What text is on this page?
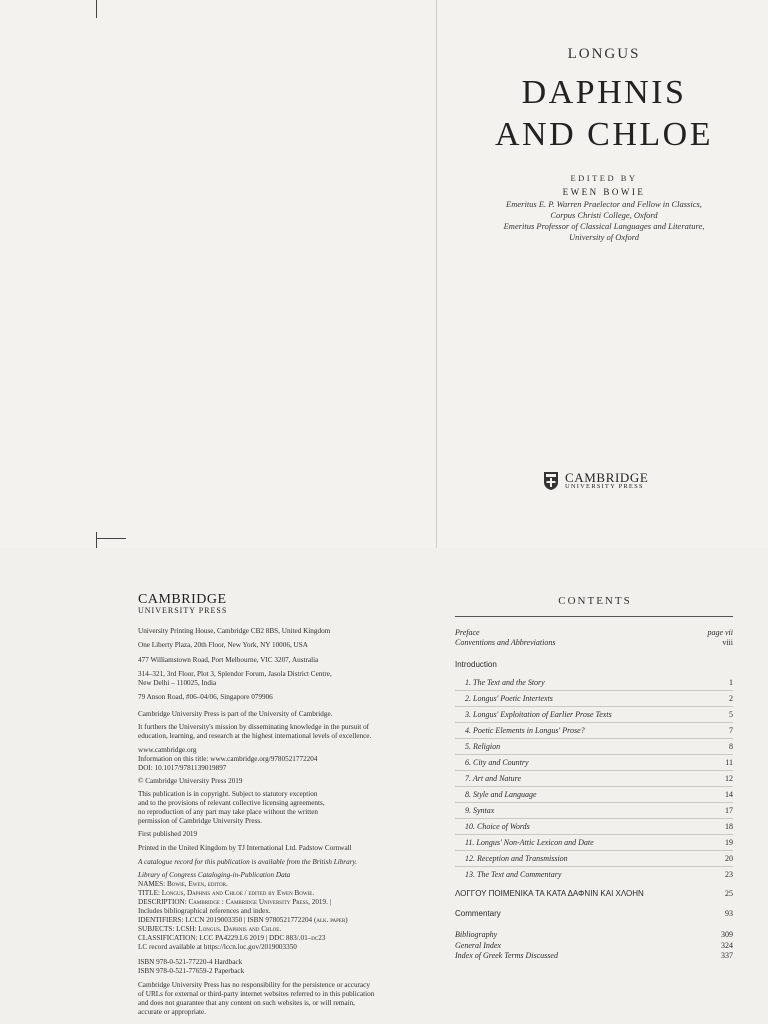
LONGUS
DAPHNIS
AND CHLOE
EDITED BY
EWEN BOWIE
Emeritus E. P. Warren Praelector and Fellow in Classics,
Corpus Christi College, Oxford
Emeritus Professor of Classical Languages and Literature,
University of Oxford
CAMBRIDGE
UNIVERSITY PRESS
CAMBRIDGE
UNIVERSITY PRESS
University Printing House, Cambridge CB2 8BS, United Kingdom
One Liberty Plaza, 20th Floor, New York, NY 10006, USA
477 Williamstown Road, Port Melbourne, VIC 3207, Australia
314–321, 3rd Floor, Plot 3, Splendor Forum, Jasola District Centre,
New Delhi – 110025, India
79 Anson Road, #06–04/06, Singapore 079906
Cambridge University Press is part of the University of Cambridge.
It furthers the University's mission by disseminating knowledge in the pursuit of
education, learning, and research at the highest international levels of excellence.
www.cambridge.org
Information on this title: www.cambridge.org/9780521772204
DOI: 10.1017/9781139019897
© Cambridge University Press 2019
This publication is in copyright. Subject to statutory exception
and to the provisions of relevant collective licensing agreements,
no reproduction of any part may take place without the written
permission of Cambridge University Press.
First published 2019
Printed in the United Kingdom by TJ International Ltd. Padstow Cornwall
A catalogue record for this publication is available from the British Library.
Library of Congress Cataloging-in-Publication Data
NAMES: Bowie, Ewen, editor.
TITLE: Longus, Daphnis and Chloe / edited by Ewen Bowie.
DESCRIPTION: Cambridge : Cambridge University Press, 2019. |
Includes bibliographical references and index.
IDENTIFIERS: LCCN 2019003350 | ISBN 9780521772204 (alk. paper)
SUBJECTS: LCSH: Longus. Daphnis and Chloe.
CLASSIFICATION: LCC PA4229.L6 2019 | DDC 883/.01–dc23
LC record available at https://lccn.loc.gov/2019003350
ISBN 978-0-521-77220-4 Hardback
ISBN 978-0-521-77659-2 Paperback
Cambridge University Press has no responsibility for the persistence or accuracy
of URLs for external or third-party internet websites referred to in this publication
and does not guarantee that any content on such websites is, or will remain,
accurate or appropriate.
CONTENTS
Preface	page vii
Conventions and Abbreviations	viii
Introduction
1. The Text and the Story	1
2. Longus' Poetic Intertexts	2
3. Longus' Exploitation of Earlier Prose Texts	5
4. Poetic Elements in Longus' Prose?	7
5. Religion	8
6. City and Country	11
7. Art and Nature	12
8. Style and Language	14
9. Syntax	17
10. Choice of Words	18
11. Longus' Non-Attic Lexicon and Date	19
12. Reception and Transmission	20
13. The Text and Commentary	23
ΛΟΓΓΟΥ ΠΟΙΜΕΝΙΚΑ ΤΑ ΚΑΤΑ ΔΑΦΝΙΝ ΚΑΙ ΧΛΟΗΝ	25
Commentary	93
Bibliography	309
General Index	324
Index of Greek Terms Discussed	337
